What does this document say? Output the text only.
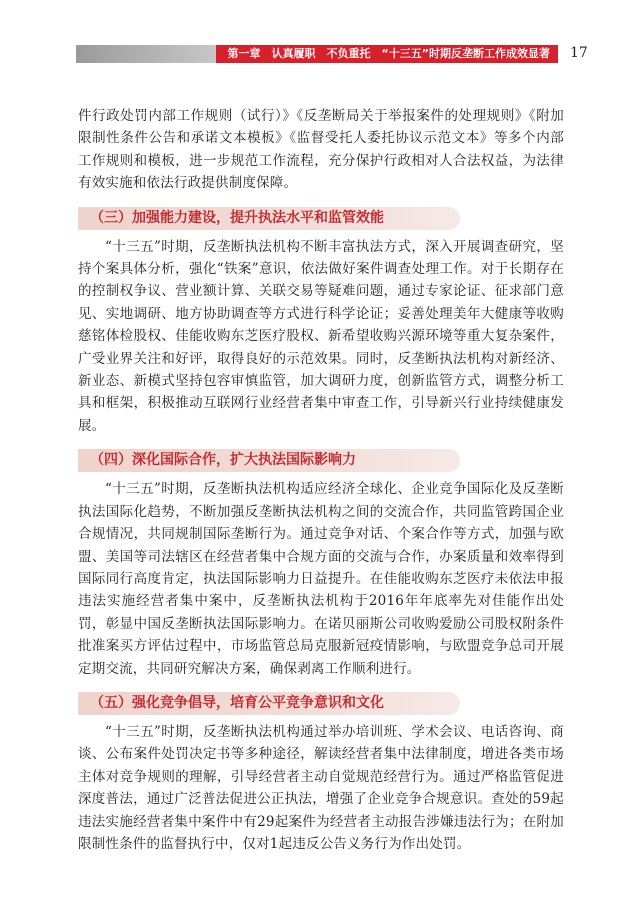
第一章　认真履职　不负重托　“十三五”时期反垄断工作成效显著	17

件行政处罚内部工作规则（试行）》《反垄断局关于举报案件的处理规则》《附加限制性条件公告和承诺文本模板》《监督受托人委托协议示范文本》等多个内部工作规则和模板，进一步规范工作流程，充分保护行政相对人合法权益，为法律有效实施和依法行政提供制度保障。

（三）加强能力建设，提升执法水平和监管效能

“十三五”时期，反垄断执法机构不断丰富执法方式，深入开展调查研究，坚持个案具体分析，强化“铁案”意识，依法做好案件调查处理工作。对于长期存在的控制权争议、营业额计算、关联交易等疑难问题，通过专家论证、征求部门意见、实地调研、地方协助调查等方式进行科学论证；妥善处理美年大健康等收购慈铭体检股权、佳能收购东芝医疗股权、新希望收购兴源环境等重大复杂案件，广受业界关注和好评，取得良好的示范效果。同时，反垄断执法机构对新经济、新业态、新模式坚持包容审慎监管，加大调研力度，创新监管方式，调整分析工具和框架，积极推动互联网行业经营者集中审查工作，引导新兴行业持续健康发展。

（四）深化国际合作，扩大执法国际影响力

“十三五”时期，反垄断执法机构适应经济全球化、企业竞争国际化及反垄断执法国际化趋势，不断加强反垄断执法机构之间的交流合作，共同监管跨国企业合规情况，共同规制国际垄断行为。通过竞争对话、个案合作等方式，加强与欧盟、美国等司法辖区在经营者集中合规方面的交流与合作，办案质量和效率得到国际同行高度肯定，执法国际影响力日益提升。在佳能收购东芝医疗未依法申报违法实施经营者集中案中，反垄断执法机构于2016年年底率先对佳能作出处罚，彰显中国反垄断执法国际影响力。在诺贝丽斯公司收购爱励公司股权附条件批准案买方评估过程中，市场监管总局克服新冠疫情影响，与欧盟竞争总司开展定期交流，共同研究解决方案，确保剥离工作顺利进行。

（五）强化竞争倡导，培育公平竞争意识和文化

“十三五”时期，反垄断执法机构通过举办培训班、学术会议、电话咨询、商谈、公布案件处罚决定书等多种途径，解读经营者集中法律制度，增进各类市场主体对竞争规则的理解，引导经营者主动自觉规范经营行为。通过严格监管促进深度普法，通过广泛普法促进公正执法，增强了企业竞争合规意识。查处的59起违法实施经营者集中案件中有29起案件为经营者主动报告涉嫌违法行为；在附加限制性条件的监督执行中，仅对1起违反公告义务行为作出处罚。
